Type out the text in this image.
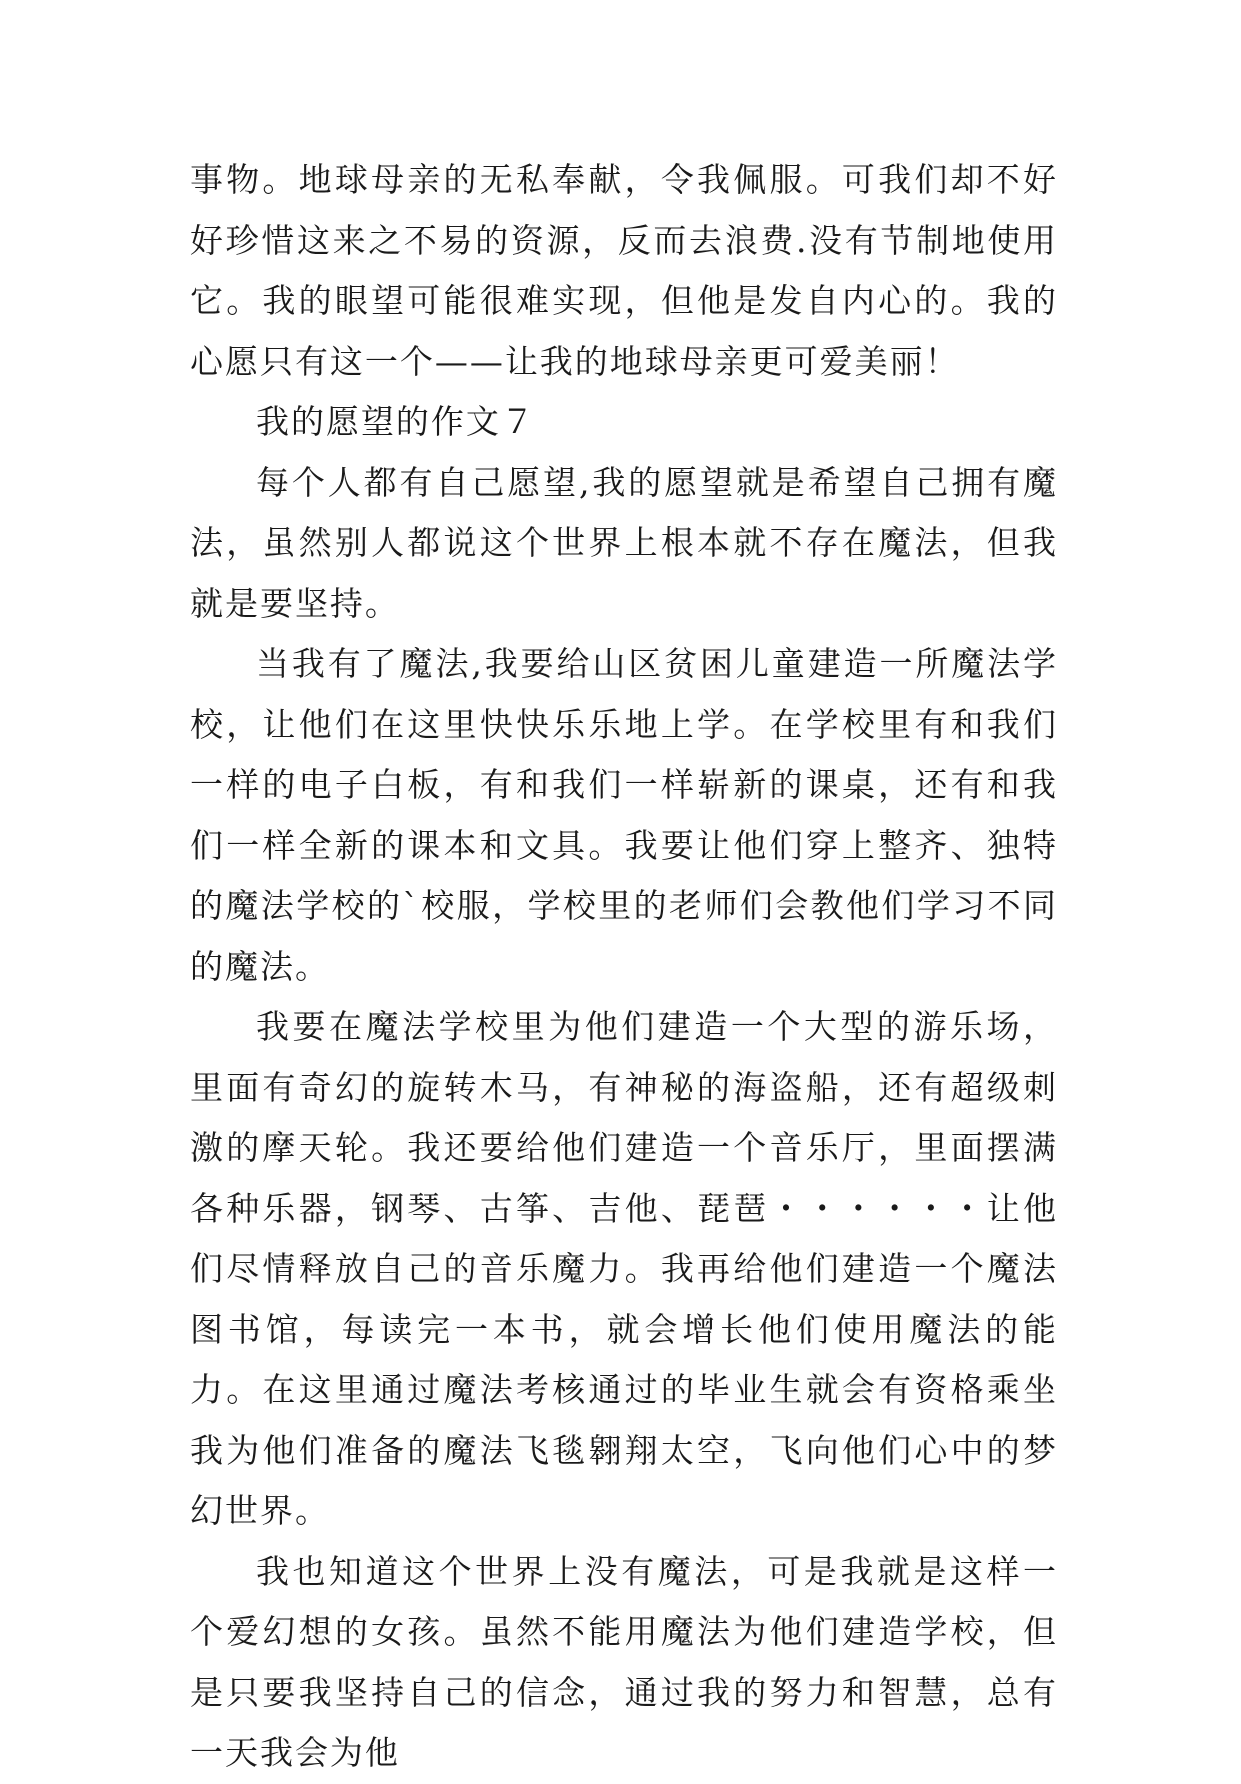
事物。地球母亲的无私奉献，令我佩服。可我们却不好好珍惜这来之不易的资源，反而去浪费.没有节制地使用它。我的眼望可能很难实现，但他是发自内心的。我的心愿只有这一个——让我的地球母亲更可爱美丽！

我的愿望的作文７

每个人都有自己愿望,我的愿望就是希望自己拥有魔法，虽然别人都说这个世界上根本就不存在魔法，但我就是要坚持。

当我有了魔法,我要给山区贫困儿童建造一所魔法学校，让他们在这里快快乐乐地上学。在学校里有和我们一样的电子白板，有和我们一样崭新的课桌，还有和我们一样全新的课本和文具。我要让他们穿上整齐、独特的魔法学校的`校服，学校里的老师们会教他们学习不同的魔法。

我要在魔法学校里为他们建造一个大型的游乐场，里面有奇幻的旋转木马，有神秘的海盗船，还有超级刺激的摩天轮。我还要给他们建造一个音乐厅，里面摆满各种乐器，钢琴、古筝、吉他、琵琶・・・・・・让他们尽情释放自己的音乐魔力。我再给他们建造一个魔法图书馆，每读完一本书，就会增长他们使用魔法的能力。在这里通过魔法考核通过的毕业生就会有资格乘坐我为他们准备的魔法飞毯翱翔太空，飞向他们心中的梦幻世界。

我也知道这个世界上没有魔法，可是我就是这样一个爱幻想的女孩。虽然不能用魔法为他们建造学校，但是只要我坚持自己的信念，通过我的努力和智慧，总有一天我会为他
